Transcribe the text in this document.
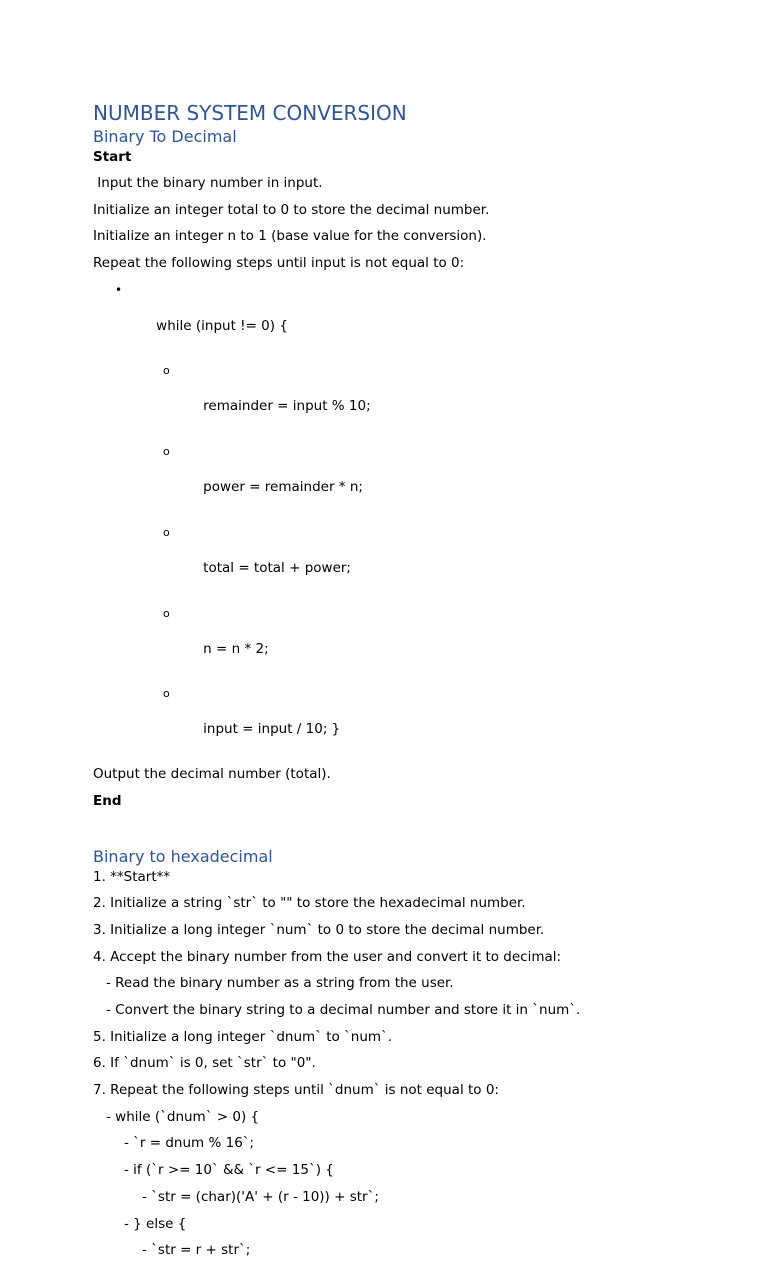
NUMBER SYSTEM CONVERSION

Binary To Decimal

Start

Input the binary number in input.

Initialize an integer total to 0 to store the decimal number.

Initialize an integer n to 1 (base value for the conversion).

Repeat the following steps until input is not equal to 0:

•

while (input != 0) {

o

remainder = input % 10;

o

power = remainder * n;

o

total = total + power;

o

n = n * 2;

o

input = input / 10; }

Output the decimal number (total).

End

Binary to hexadecimal

1. **Start**

2. Initialize a string `str` to "" to store the hexadecimal number.

3. Initialize a long integer `num` to 0 to store the decimal number.

4. Accept the binary number from the user and convert it to decimal:

- Read the binary number as a string from the user.

- Convert the binary string to a decimal number and store it in `num`.

5. Initialize a long integer `dnum` to `num`.

6. If `dnum` is 0, set `str` to "0".

7. Repeat the following steps until `dnum` is not equal to 0:

- while (`dnum` > 0) {

- `r = dnum % 16`;

- if (`r >= 10` && `r <= 15`) {

- `str = (char)('A' + (r - 10)) + str`;

- } else {

- `str = r + str`;
